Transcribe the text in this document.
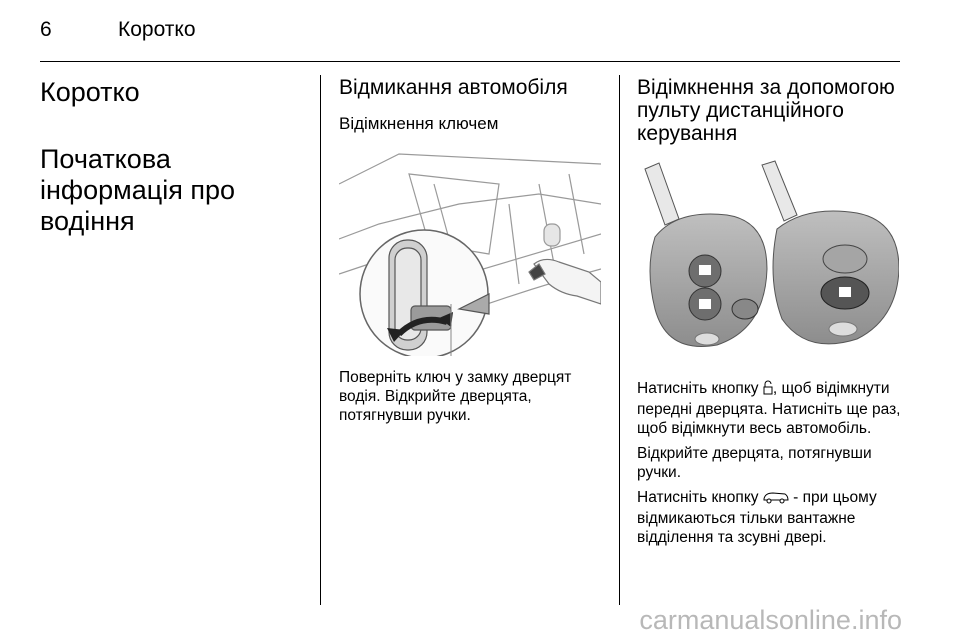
6	Коротко
Коротко
Початкова інформація про водіння
Відмикання автомобіля
Відімкнення ключем

Поверніть ключ у замку дверцят водія. Відкрийте дверцята, потягнувши ручки.

Відімкнення за допомогою пульту дистанційного керування

Натисніть кнопку , щоб відімкнути передні дверцята. Натисніть ще раз, щоб відімкнути весь автомобіль.

Відкрийте дверцята, потягнувши ручки.

Натисніть кнопку  - при цьому відмикаються тільки вантажне відділення та зсувні двері.

carmanualsonline.info
